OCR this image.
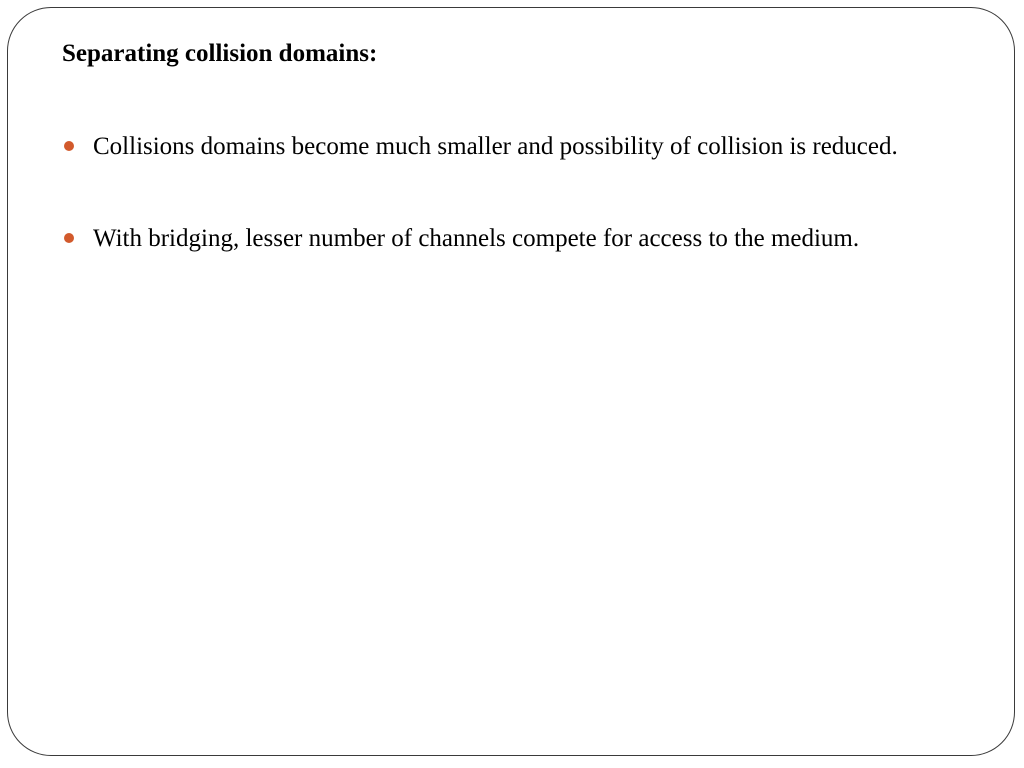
Separating collision domains:
Collisions domains become much smaller and possibility of collision is reduced.
With bridging, lesser number of channels compete for access to the medium.
